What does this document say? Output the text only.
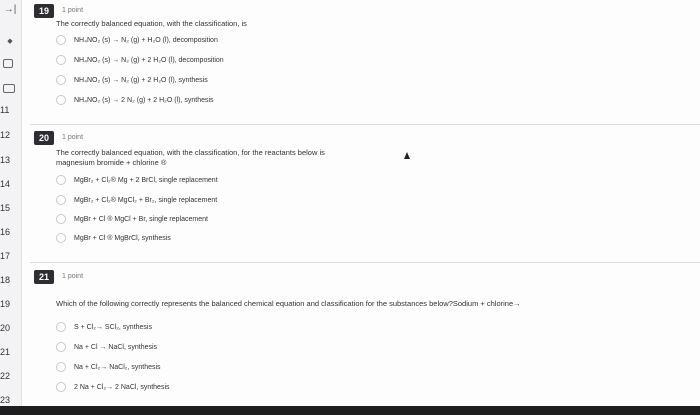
→|
◆
11
12
13
14
15
16
17
18
19
20
21
22
23
19	1 point
The correctly balanced equation, with the classification, is
NH₄NO₂ (s) → N₂ (g) + H₂O (l), decomposition
NH₄NO₂ (s) → N₂ (g) + 2 H₂O (l), decomposition
NH₄NO₂ (s) → N₂ (g) + 2 H₂O (l), synthesis
NH₄NO₂ (s) → 2 N₂ (g) + 2 H₂O (l), synthesis
20	1 point
The correctly balanced equation, with the classification, for the reactants below is
magnesium bromide + chlorine ®
MgBr₂ + Cl₂® Mg + 2 BrCl, single replacement
MgBr₂ + Cl₂® MgCl₂ + Br₂, single replacement
MgBr + Cl ® MgCl + Br, single replacement
MgBr + Cl ® MgBrCl, synthesis
21	1 point
Which of the following correctly represents the balanced chemical equation and classification for the substances below?Sodium + chlorine→
S + Cl₂→ SCl₂, synthesis
Na + Cl → NaCl, synthesis
Na + Cl₂→ NaCl₂, synthesis
2 Na + Cl₂→ 2 NaCl, synthesis
